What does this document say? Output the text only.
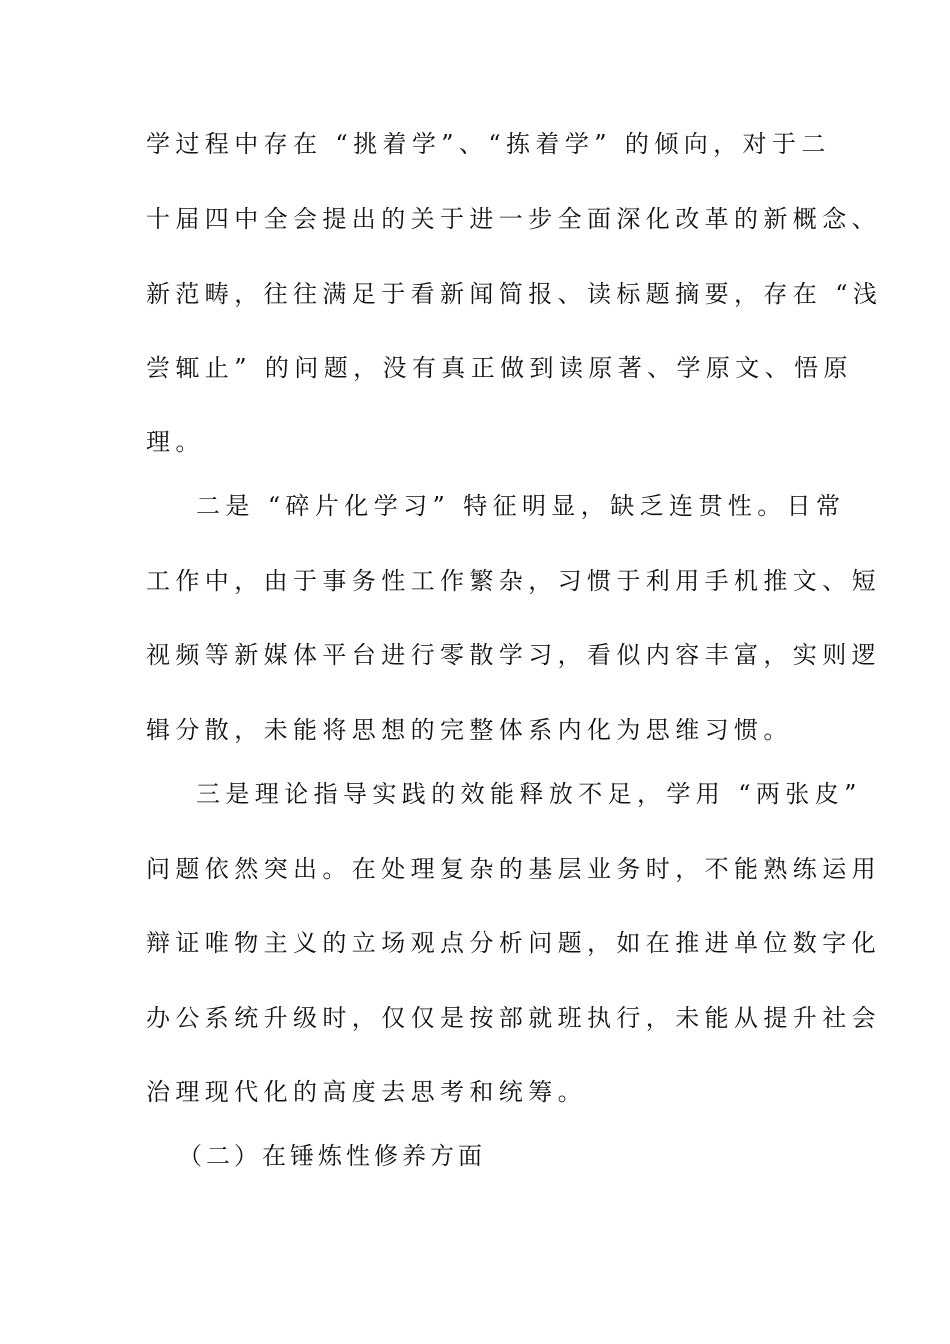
学过程中存在 “挑着学”、“拣着学” 的倾向，对于二
十届四中全会提出的关于进一步全面深化改革的新概念、
新范畴，往往满足于看新闻简报、读标题摘要，存在 “浅
尝辄止” 的问题，没有真正做到读原著、学原文、悟原
理。
二是 “碎片化学习” 特征明显，缺乏连贯性。日常
工作中，由于事务性工作繁杂，习惯于利用手机推文、短
视频等新媒体平台进行零散学习，看似内容丰富，实则逻
辑分散，未能将思想的完整体系内化为思维习惯。
三是理论指导实践的效能释放不足，学用 “两张皮”
问题依然突出。在处理复杂的基层业务时，不能熟练运用
辩证唯物主义的立场观点分析问题，如在推进单位数字化
办公系统升级时，仅仅是按部就班执行，未能从提升社会
治理现代化的高度去思考和统筹。
（二）在锤炼性修养方面
